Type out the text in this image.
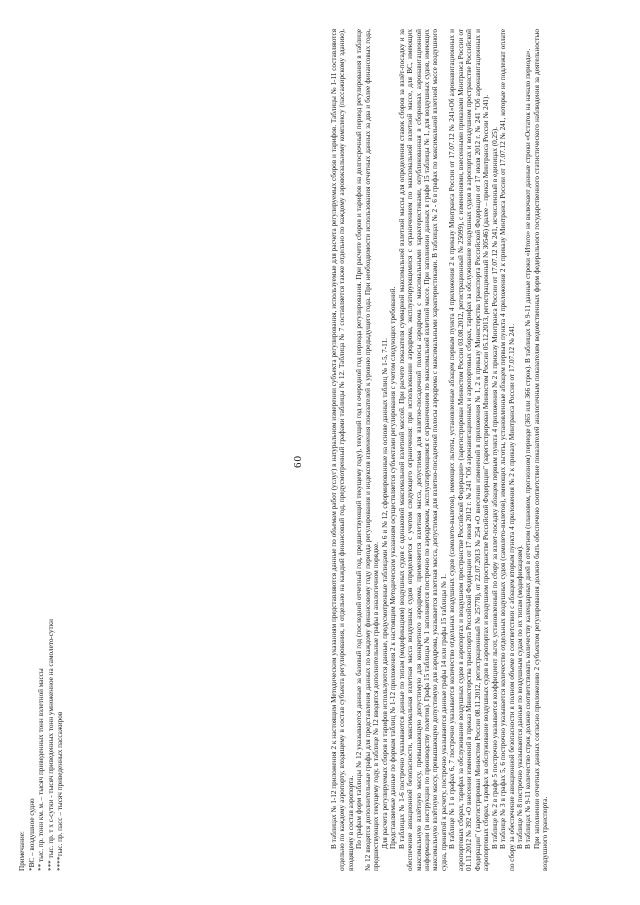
60
Примечание: *ВС – воздушное судно ** тыс. пр. тонн км. м. – тысяч приведенных тонн взлетной массы *** тыс. пр. т х с-сутки - тысяч приведенных тонн умноженное на самолето-сутки ****тыс. пр. пасс – тысяч приведенных пассажиров	В таблицах № 1-12 приложения 2 к настоящим Методическим указаниям представляются данные по объемам работ (услуг) в натуральном измерении субъекта регулирования, используемые для расчета регулируемых сборов и тарифов. Таблицы № 1-11 составляются отдельно по каждому аэропорту, входящему в состав субъекта регулирования, и отдельно на каждый финансовый год, предусмотренный графами таблицы № 12. Таблица № 7 составляется также отдельно по каждому аэровокзальному комплексу (пассажирскому зданию), входящему в состав аэропорта. По графам форм таблицы № 12 указываются данные за базовый год (последний отчетный год, предшествующий текущему году), текущий год и очередной год периода регулирования. При расчете сборов и тарифов на долгосрочный период регулирования в таблице № 12 вводятся дополнительные графы для представления данных по каждому финансовому году периода регулирования и индексов изменения показателей к уровню предыдущего года. При необходимости использования отчетных данных за два и более финансовых года, предшествующих текущему году, в таблице № 12 вводятся дополнительные графы в аналогичном порядке. Для расчета регулируемых сборов и тарифов используются данные, предусмотренные таблицами № 6 и № 12, сформированные на основе данных таблиц № 1-5, 7-11. Представляемые данные по формам таблиц № 1-12 приложения 2 к настоящим Методическим указаниям осуществляется субъектами регулирования с учетом следующих требований. В таблицах № 1-6 построчно указываются данные по типам (модификациям) воздушных судов с одинаковой максимальной взлетной массой. При расчете показателя суммарной максимальной взлетной массы для определения ставок сборов за взлёт-посадку и за обеспечение авиационной безопасности, максимальная взлетная масса воздушных судов определяется с учетом следующего ограничения: при использовании аэродрома, эксплуатирующимися с ограничением по максимальной взлетной массе, для ВС, имеющих максимальную взлётную массу, превышающую допустимую для конкретного аэродрома, применяется взлетная масса, допустимая для взлетно-посадочной полосы аэродрома с максимальными характеристиками, опубликованная в сборниках аэронавигационной информации (в инструкции по производству полетов). Графа 15 таблицы № 1 заполняется построчно по аэродромам, эксплуатирующимся с ограничением по максимальной взлетной массе. При заполнении данных в графе 15 таблицы № 1, для воздушных судов, имеющих максимальную взлётную массу, превышающую допустимую для аэродрома, указывается взлетная масса, допустимая для взлетно-посадочной полосы аэродрома с максимальными характеристиками. В таблицах № 2 - 6 в графах по максимальной взлетной массе воздушного судна, принятой к расчету, построчно указываются данные графы 14 или графы 15 таблицы № 1. В таблице № 1 в графах 6, 7 построчно указывается количество отдельных воздушных судов (самолето-вылетов), имеющих льготы, установленные абзацем первым пункта 4 приложения 2 к приказу Минтранса России от 17.07.12 № 241«Об аэронавигационных и аэропортовых сборах, тарифах за обслуживание воздушных судов в аэропортах и воздушном пространстве Российской Федерации» (зарегистрирован Минюстом России 03.08.2012, регистрационный № 25099), с изменениями, внесенными приказами Минтранса России от 01.11.2012 № 392 «О внесении изменений в приказ Министерства транспорта Российской Федерации от 17 июля 2012 г. № 241 "Об аэронавигационных и аэропортовых сборах, тарифах за обслуживание воздушных судов в аэропортах и воздушном пространстве Российской Федерации" (зарегистрирован Минюстом России 08.11.2012, регистрационный № 25778), от 22.07.2013 № 254 «О внесении изменений в приложения № 1, 2 к приказу Министерства транспорта Российской Федерации от 17 июля 2012 г. № 241 "Об аэронавигационных и аэропортовых сборах, тарифах за обслуживание воздушных судов в аэропортах и воздушном пространстве Российской Федерации" (зарегистрирован Минюстом России 05.12.2013, регистрационный № 30546) (далее – приказ Минтранса России № 241). В таблице № 2 в графе 5 построчно указывается коэффициент льгот, установленный по сбору за взлет-посадку абзацем первым пункта 4 приложения № 2 к приказу Минтранса России от 17.07.12 № 241, исчисленный в единицах (0,25). В таблице № 3 в графах 5, 6 построчно указывается количество отдельных воздушных судов (самолето-вылетов), имеющих льготы, установленные абзацем первым пункта 4 приложения 2 к приказу Минтранса России от 17.07.12 № 241, которые не подлежат оплате по сбору за обеспечение авиационной безопасности в полном объеме в соответствии с абзацем вторым пункта 4 приложения № 2 к приказу Минтранса России от 17.07.12 № 241. В таблице № 8 построчно указываются данные по воздушным судам по их типам (модификациям). В таблицах № 9-11 количество строк должно соответствовать количеству календарных дней в отчетном (плановом, прогнозном) периоде (365 или 366 строк). В таблицах № 9-11 данные строки «Итого» не включают данные строки «Остаток на начало периода». При заполнении отчетных данных согласно приложению 2 субъектом регулирования должно быть обеспечено соответствие показателей аналогичным показателям ведомственных форм федерального государственного статистического наблюдения за деятельностью воздушного транспорта.
